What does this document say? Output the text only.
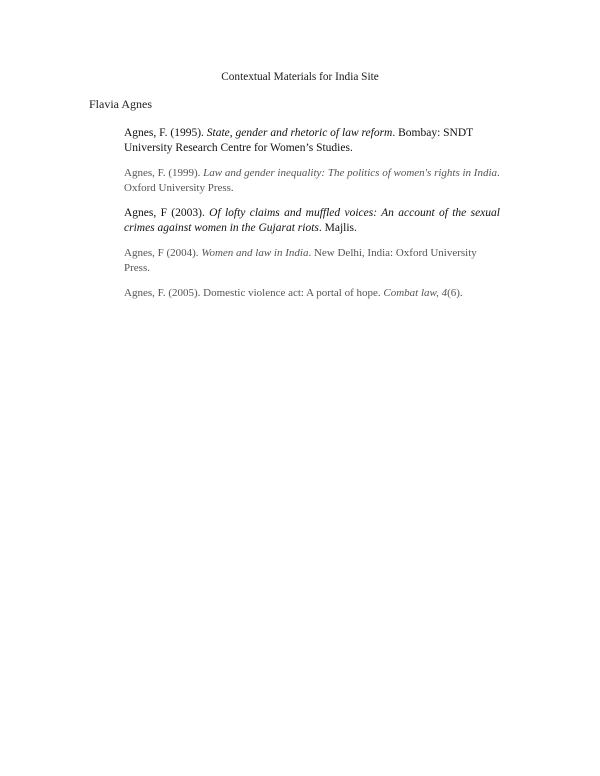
Contextual Materials for India Site
Flavia Agnes

Agnes, F. (1995). State, gender and rhetoric of law reform. Bombay: SNDT University Research Centre for Women’s Studies.

Agnes, F. (1999). Law and gender inequality: The politics of women's rights in India. Oxford University Press.

Agnes, F (2003). Of lofty claims and muffled voices: An account of the sexual crimes against women in the Gujarat riots. Majlis.

Agnes, F (2004). Women and law in India. New Delhi, India: Oxford University Press.

Agnes, F. (2005). Domestic violence act: A portal of hope. Combat law, 4(6).
